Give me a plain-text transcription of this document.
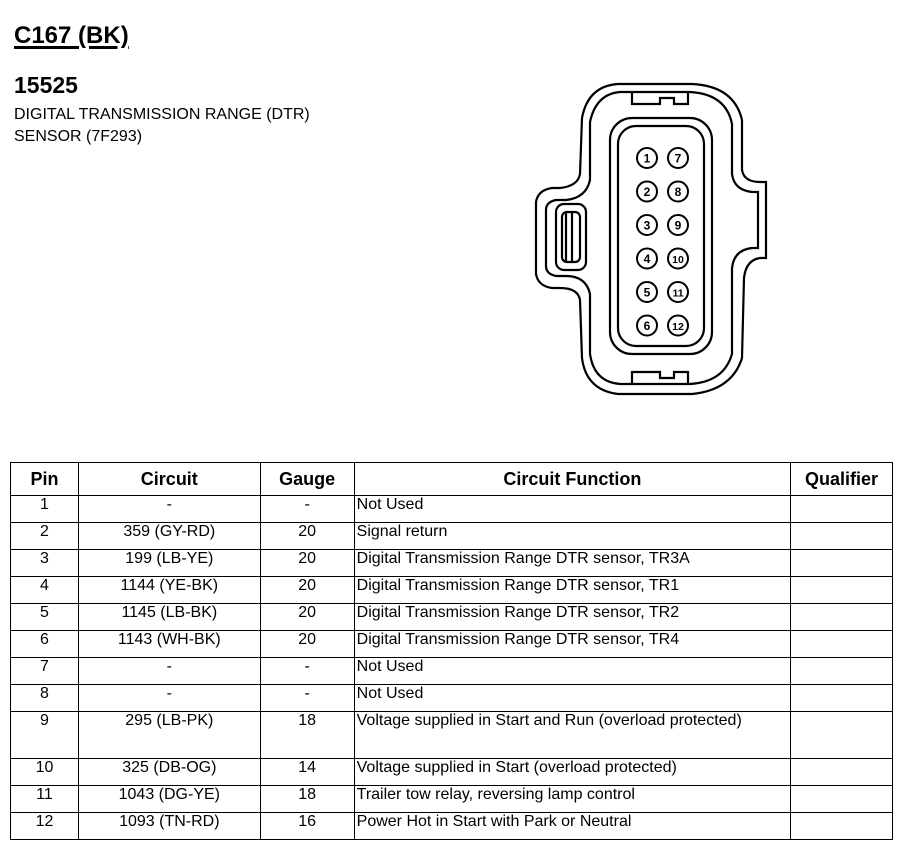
C167 (BK)
15525
DIGITAL TRANSMISSION RANGE (DTR)
SENSOR (7F293)
1
2
3
4
5
6
7
8
9
10
11
12
Pin	Circuit	Gauge	Circuit Function	Qualifier
1	-	-	Not Used	
2	359 (GY-RD)	20	Signal return	
3	199 (LB-YE)	20	Digital Transmission Range DTR sensor, TR3A	
4	1144 (YE-BK)	20	Digital Transmission Range DTR sensor, TR1	
5	1145 (LB-BK)	20	Digital Transmission Range DTR sensor, TR2	
6	1143 (WH-BK)	20	Digital Transmission Range DTR sensor, TR4	
7	-	-	Not Used	
8	-	-	Not Used	
9	295 (LB-PK)	18	Voltage supplied in Start and Run (overload protected)	
10	325 (DB-OG)	14	Voltage supplied in Start (overload protected)	
11	1043 (DG-YE)	18	Trailer tow relay, reversing lamp control	
12	1093 (TN-RD)	16	Power Hot in Start with Park or Neutral	
